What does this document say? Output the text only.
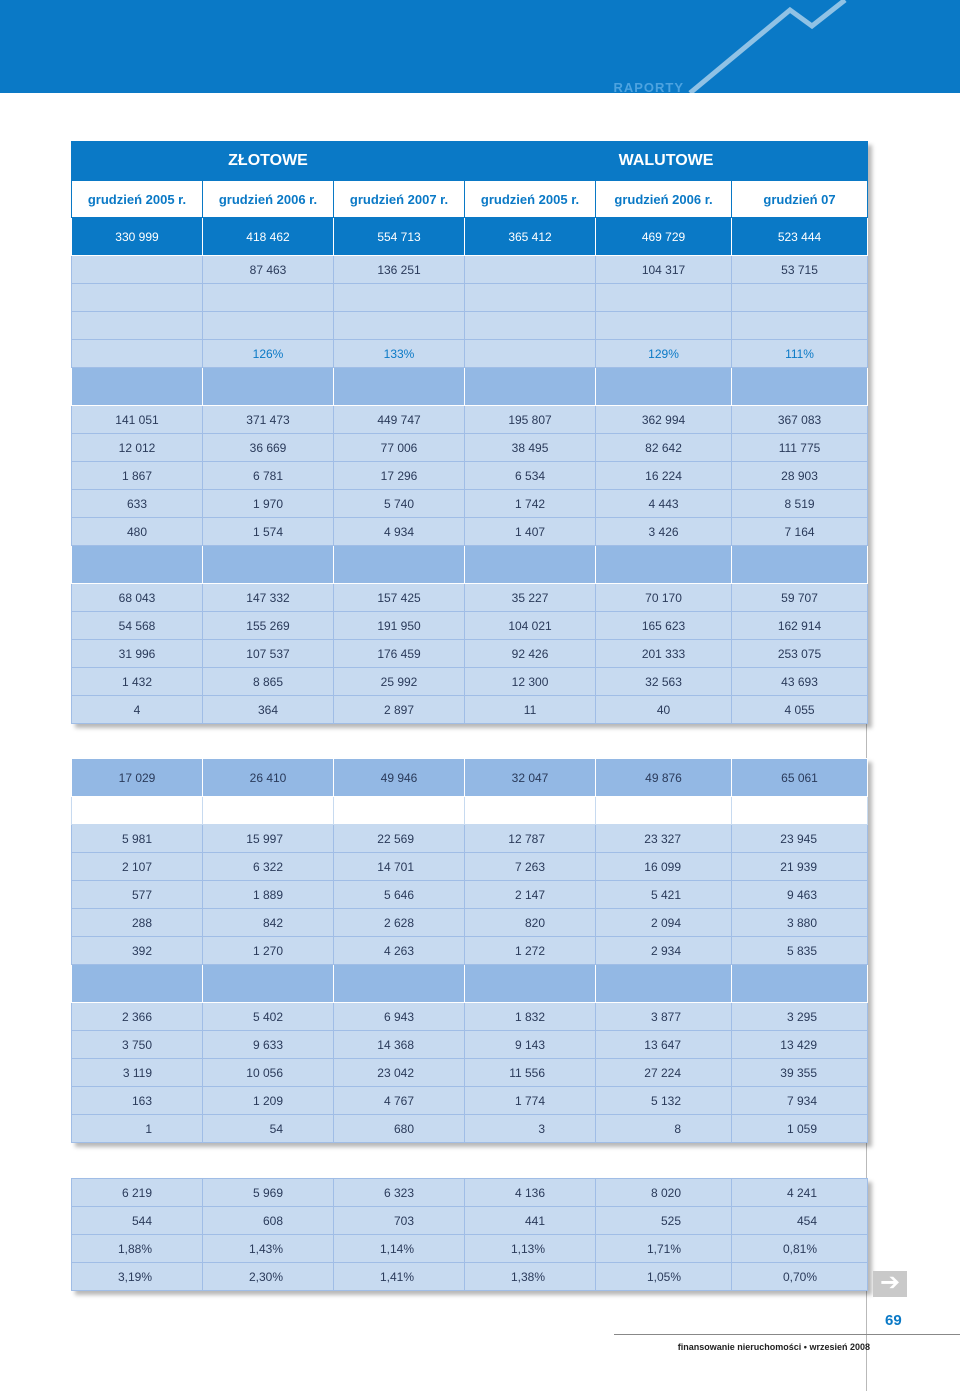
RAPORTY
ZŁOTOWE			WALUTOWE		
grudzień 2005 r.	grudzień 2006 r.	grudzień 2007 r.	grudzień 2005 r.	grudzień 2006 r.	grudzień 07
330 999	418 462	554 713	365 412	469 729	523 444
	87 463	136 251		104 317	53 715

	126%	133%		129%	111%

141 051	371 473	449 747	195 807	362 994	367 083
12 012	36 669	77 006	38 495	82 642	111 775
1 867	6 781	17 296	6 534	16 224	28 903
633	1 970	5 740	1 742	4 443	8 519
480	1 574	4 934	1 407	3 426	7 164

68 043	147 332	157 425	35 227	70 170	59 707
54 568	155 269	191 950	104 021	165 623	162 914
31 996	107 537	176 459	92 426	201 333	253 075
1 432	8 865	25 992	12 300	32 563	43 693
4	364	2 897	11	40	4 055
17 029	26 410	49 946	32 047	49 876	65 061

5 981	15 997	22 569	12 787	23 327	23 945
2 107	6 322	14 701	7 263	16 099	21 939
577	1 889	5 646	2 147	5 421	9 463
288	842	2 628	820	2 094	3 880
392	1 270	4 263	1 272	2 934	5 835

2 366	5 402	6 943	1 832	3 877	3 295
3 750	9 633	14 368	9 143	13 647	13 429
3 119	10 056	23 042	11 556	27 224	39 355
163	1 209	4 767	1 774	5 132	7 934
1	54	680	3	8	1 059
6 219	5 969	6 323	4 136	8 020	4 241
544	608	703	441	525	454
1,88%	1,43%	1,14%	1,13%	1,71%	0,81%
3,19%	2,30%	1,41%	1,38%	1,05%	0,70%	➔
69
finansowanie nieruchomości • wrzesień 2008
